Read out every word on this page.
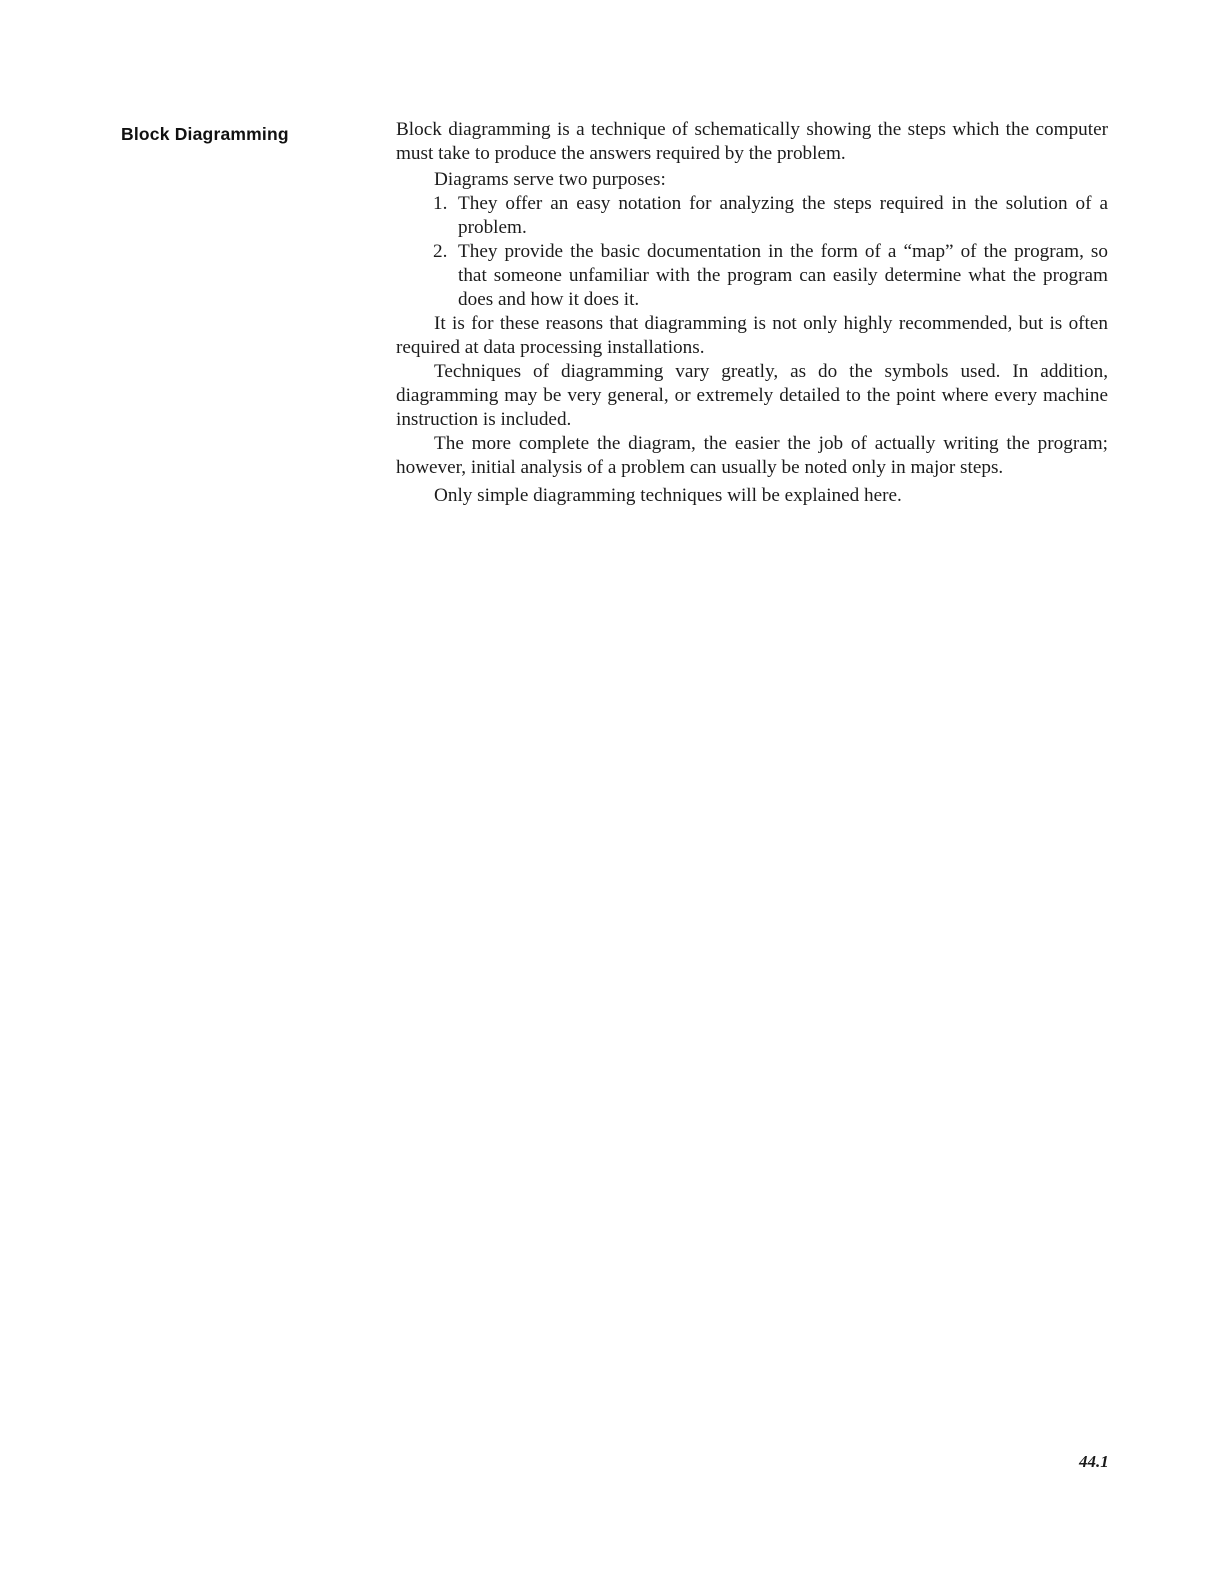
Block Diagramming	Block diagramming is a technique of schematically showing the steps which the computer must take to produce the answers required by the problem.

Diagrams serve two purposes:

1. They offer an easy notation for analyzing the steps required in the solution of a problem.
2. They provide the basic documentation in the form of a “map” of the program, so that someone unfamiliar with the program can easily determine what the program does and how it does it.

It is for these reasons that diagramming is not only highly recommended, but is often required at data processing installations.

Techniques of diagramming vary greatly, as do the symbols used. In addition, diagramming may be very general, or extremely detailed to the point where every machine instruction is included.

The more complete the diagram, the easier the job of actually writing the program; however, initial analysis of a problem can usually be noted only in major steps.

Only simple diagramming techniques will be explained here.

44.1
